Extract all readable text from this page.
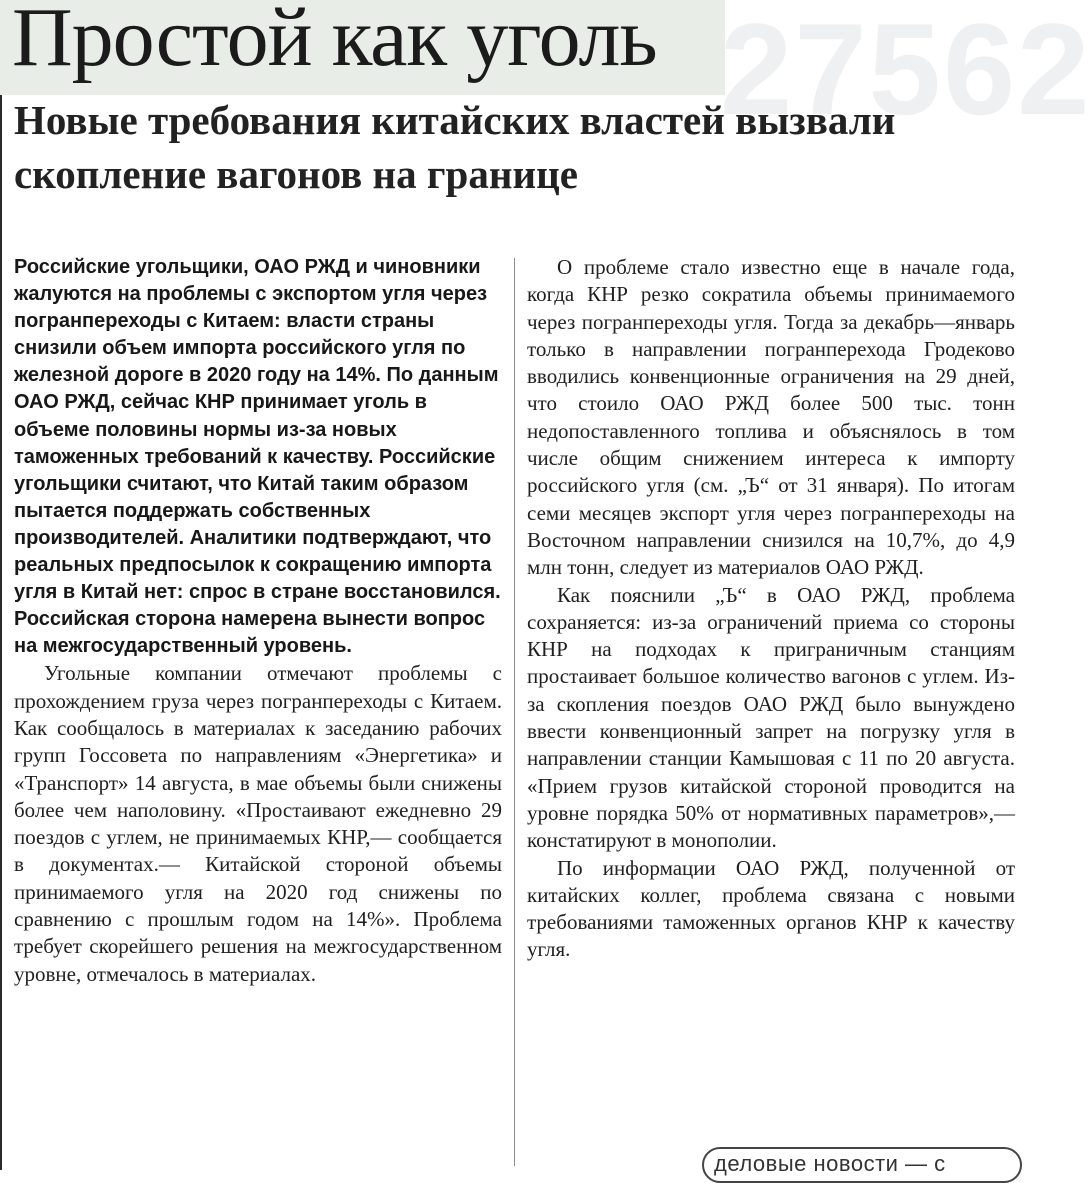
27562
Простой как уголь
Новые требования китайских властей вызвали скопление вагонов на границе

Российские угольщики, ОАО РЖД и чиновники жалуются на проблемы с экспортом угля через погранпереходы с Китаем: власти страны снизили объем импорта российского угля по железной дороге в 2020 году на 14%. По данным ОАО РЖД, сейчас КНР принимает уголь в объеме половины нормы из-за новых таможенных требований к качеству. Российские угольщики считают, что Китай таким образом пытается поддержать собственных производителей. Аналитики подтверждают, что реальных предпосылок к сокращению импорта угля в Китай нет: спрос в стране восстановился. Российская сторона намерена вынести вопрос на межгосударственный уровень.

Угольные компании отмечают проблемы с прохождением груза через погранпереходы с Китаем. Как сообщалось в материалах к заседанию рабочих групп Госсовета по направлениям «Энергетика» и «Транспорт» 14 августа, в мае объемы были снижены более чем наполовину. «Простаивают ежедневно 29 поездов с углем, не принимаемых КНР,— сообщается в документах.— Китайской стороной объемы принимаемого угля на 2020 год снижены по сравнению с прошлым годом на 14%». Проблема требует скорейшего решения на межгосударственном уровне, отмечалось в материалах.

О проблеме стало известно еще в начале года, когда КНР резко сократила объемы принимаемого через погранпереходы угля. Тогда за декабрь—январь только в направлении погранперехода Гродеково вводились конвенционные ограничения на 29 дней, что стоило ОАО РЖД более 500 тыс. тонн недопоставленного топлива и объяснялось в том числе общим снижением интереса к импорту российского угля (см. „Ъ“ от 31 января). По итогам семи месяцев экспорт угля через погранпереходы на Восточном направлении снизился на 10,7%, до 4,9 млн тонн, следует из материалов ОАО РЖД.

Как пояснили „Ъ“ в ОАО РЖД, проблема сохраняется: из-за ограничений приема со стороны КНР на подходах к приграничным станциям простаивает большое количество вагонов с углем. Из-за скопления поездов ОАО РЖД было вынуждено ввести конвенционный запрет на погрузку угля в направлении станции Камышовая с 11 по 20 августа. «Прием грузов китайской стороной проводится на уровне порядка 50% от нормативных параметров»,— констатируют в монополии.

По информации ОАО РЖД, полученной от китайских коллег, проблема связана с новыми требованиями таможенных органов КНР к качеству угля.

деловые новости — с
